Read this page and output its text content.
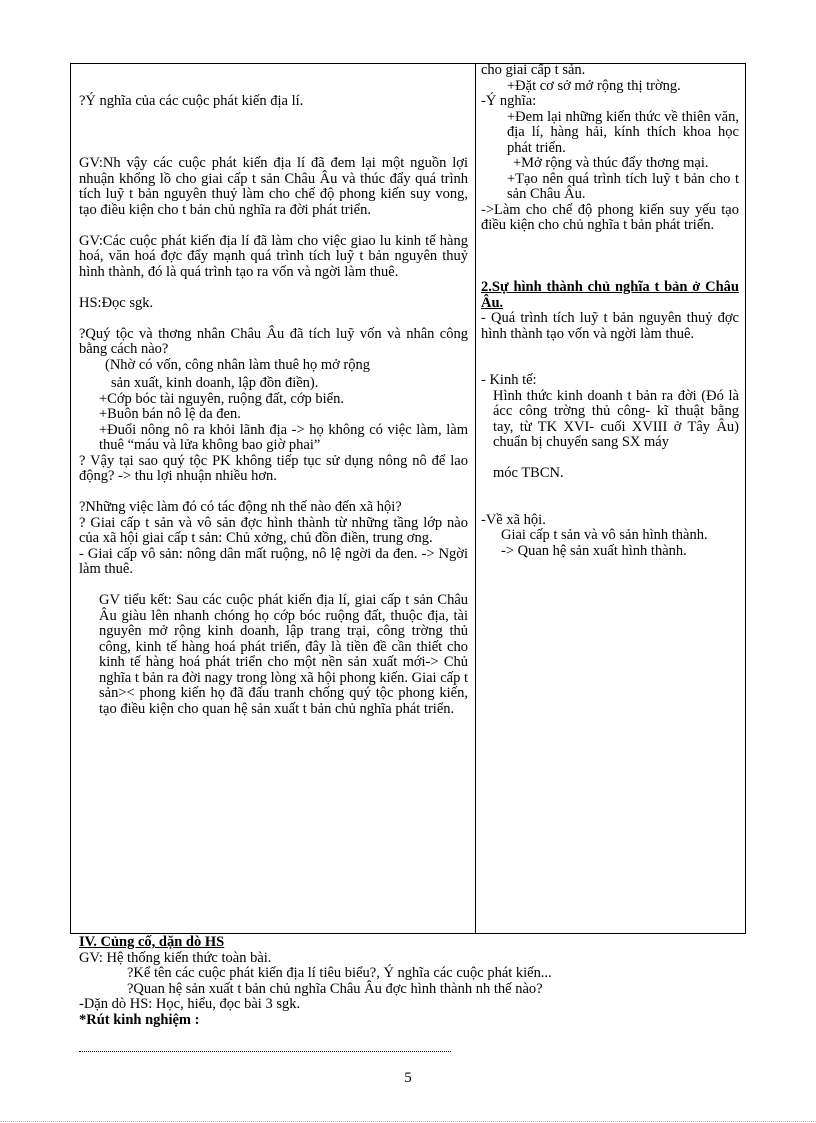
?Ý nghĩa của các cuộc phát kiến địa lí.

GV:Nh vậy các cuộc phát kiến địa lí đã đem lại một nguồn lợi nhuận khổng lồ cho giai cấp t sản Châu Âu và thúc đẩy quá trình tích luỹ t bản nguyên thuỷ làm cho chế độ phong kiến suy vong, tạo điều kiện cho t bản chủ nghĩa ra đời phát triển.

GV:Các cuộc phát kiến địa lí đã làm cho việc giao lu kinh tế hàng hoá, văn hoá đợc đẩy mạnh quá trình tích luỹ t bản nguyên thuỷ hình thành, đó là quá trình tạo ra vốn và ngời làm thuê.

HS:Đọc sgk.

?Quý tộc và thơng nhân Châu Âu đã tích luỹ vốn và nhân công bằng cách nào?

(Nhờ có vốn, công nhân làm thuê họ mở rộng

sản xuất, kinh doanh, lập đồn điền).

+Cớp bóc tài nguyên, ruộng đất, cớp biển.

+Buôn bán nô lệ da đen.

+Đuổi nông nô ra khỏi lãnh địa -> họ không có việc làm, làm thuê “máu và lửa không bao giờ phai”

? Vậy tại sao quý tộc PK không tiếp tục sử dụng nông nô để lao động? -> thu lợi nhuận nhiều hơn.

?Những việc làm đó có tác động nh thế nào đến xã hội?

? Giai cấp t sản và vô sản đợc hình thành từ những tầng lớp nào của xã hội giai cấp t sản: Chủ xởng, chủ đồn điền, trung ơng.

- Giai cấp vô sản: nông dân mất ruộng, nô lệ ngời da đen. -> Ngời làm thuê.

GV tiểu kết: Sau các cuộc phát kiến địa lí, giai cấp t sản Châu Âu giàu lên nhanh chóng họ cớp bóc ruộng đất, thuộc địa, tài nguyên mở rộng kinh doanh, lập trang trại, công trờng thủ công, kinh tế hàng hoá phát triển, đây là tiền đề cần thiết cho kinh tế hàng hoá phát triển cho một nền sản xuất mới-> Chủ nghĩa t bản ra đời nagy trong lòng xã hội phong kiến. Giai cấp t sản>< phong kiến họ đã đấu tranh chống quý tộc phong kiến, tạo điều kiện cho quan hệ sản xuất t bản chủ nghĩa phát triển.

cho giai cấp t sản.

+Đặt cơ sở mở rộng thị trờng.

-Ý nghĩa:

+Đem lại những kiến thức về thiên văn, địa lí, hàng hải, kính thích khoa học phát triển.

+Mở rộng và thúc đẩy thơng mại.

+Tạo nên quá trình tích luỹ t bản cho t sản Châu Âu.

->Làm cho chế độ phong kiến suy yếu tạo điều kiện cho chủ nghĩa t bản phát triển.

2.Sự hình thành chủ nghĩa t bản ở Châu Âu.

- Quá trình tích luỹ t bản nguyên thuỷ đợc hình thành tạo vốn và ngời làm thuê.

- Kinh tế:

Hình thức kinh doanh t bản ra đời (Đó là ácc công trờng thủ công- kĩ thuật bằng tay, từ TK XVI- cuối XVIII ở Tây Âu) chuẩn bị chuyển sang SX máy

móc TBCN.

-Về xã hội.

Giai cấp t sản và vô sản hình thành.

-> Quan hệ sản xuất hình thành.

IV. Củng cố, dặn dò HS

GV: Hệ thống kiến thức toàn bài.

?Kể tên các cuộc phát kiến địa lí tiêu biểu?, Ý nghĩa các cuộc phát kiến...

?Quan hệ sản xuất t bản chủ nghĩa Châu Âu đợc hình thành nh thế nào?

-Dặn dò HS: Học, hiểu, đọc bài 3 sgk.

*Rút kinh nghiệm :

5
